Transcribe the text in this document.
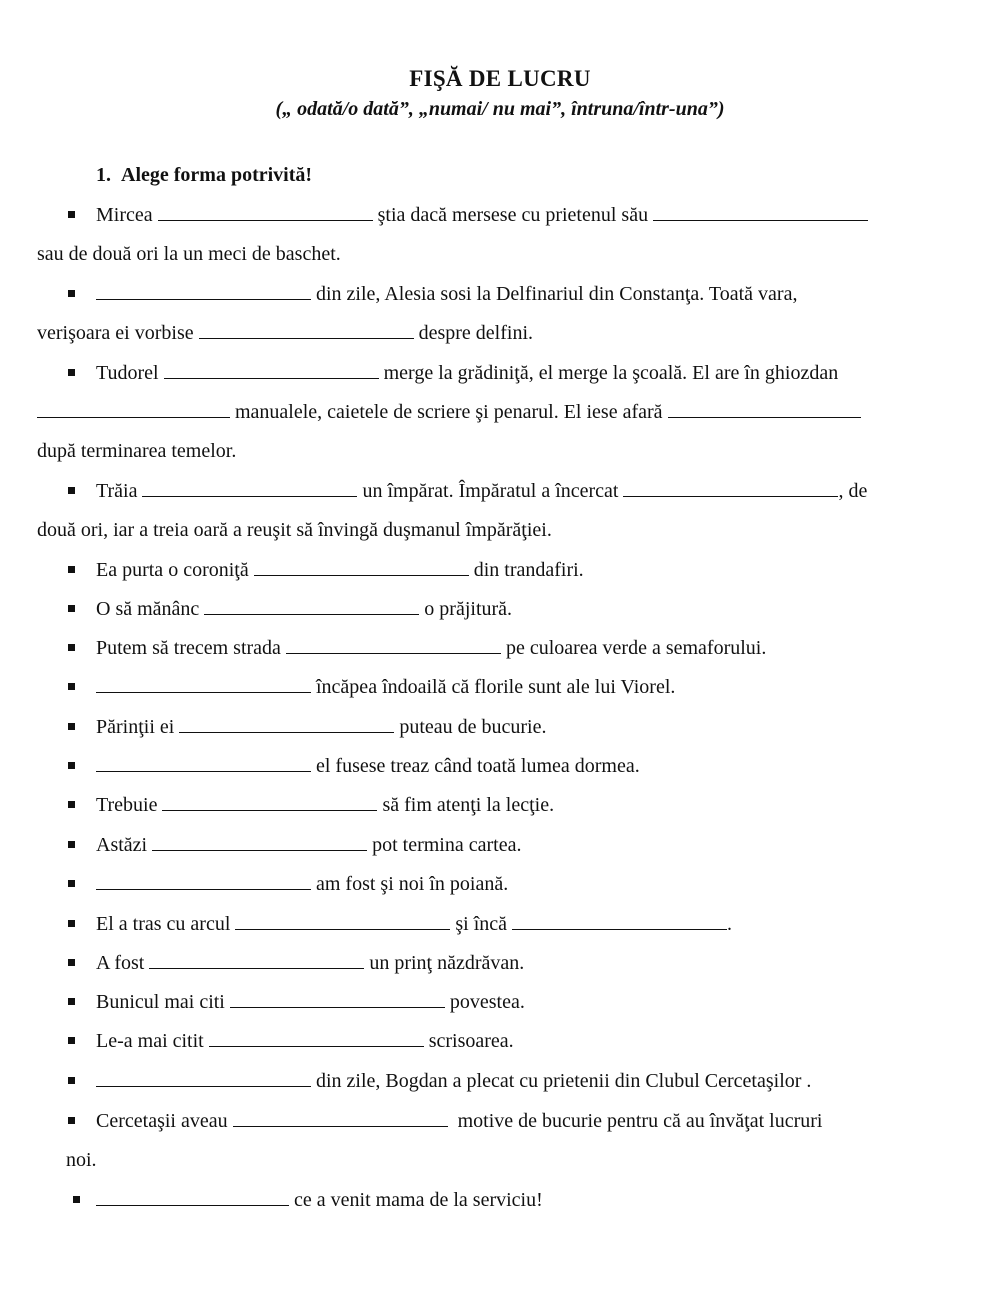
FIŞĂ DE LUCRU
(„ odată/o dată”, „numai/ nu mai”, întruna/într-una”)
1. Alege forma potrivită!
Mircea	ştia dacă mersese cu prietenul său
sau de două ori la un meci de baschet.
din zile, Alesia sosi la Delfinariul din Constanţa. Toată vara,
verişoara ei vorbise	despre delfini.
Tudorel	merge la grădiniţă, el merge la şcoală. El are în ghiozdan
manualele, caietele de scriere şi penarul. El iese afară
după terminarea temelor.
Trăia	un împărat. Împăratul a încercat	, de
două ori, iar a treia oară a reuşit să învingă duşmanul împărăţiei.
Ea purta o coroniţă	din trandafiri.
O să mănânc	o prăjitură.
Putem să trecem strada	pe culoarea verde a semaforului.
încăpea îndoailă că florile sunt ale lui Viorel.
Părinţii ei	puteau de bucurie.
el fusese treaz când toată lumea dormea.
Trebuie	să fim atenţi la lecţie.
Astăzi	pot termina cartea.
am fost şi noi în poiană.
El a tras cu arcul	şi încă	.
A fost	un prinţ năzdrăvan.
Bunicul mai citi	povestea.
Le-a mai citit	scrisoarea.
din zile, Bogdan a plecat cu prietenii din Clubul Cercetaşilor .
Cercetaşii aveau	motive de bucurie pentru că au învăţat lucruri
noi.
ce a venit mama de la serviciu!
